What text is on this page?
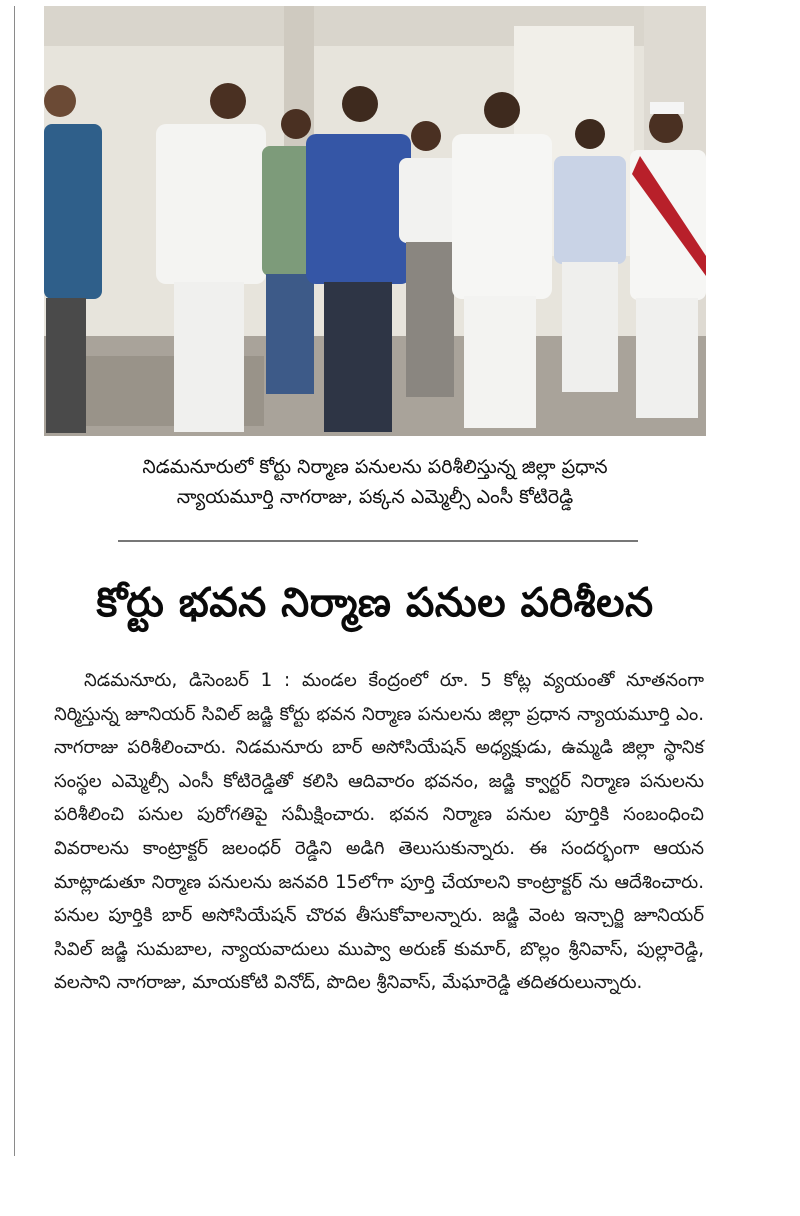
నిడమనూరులో కోర్టు నిర్మాణ పనులను పరిశీలిస్తున్న జిల్లా ప్రధాన
న్యాయమూర్తి నాగరాజు, పక్కన ఎమ్మెల్సీ ఎంసీ కోటిరెడ్డి
కోర్టు భవన నిర్మాణ పనుల పరిశీలన
నిడమనూరు, డిసెంబర్ 1 : మండల కేంద్రంలో రూ. 5 కోట్ల వ్యయంతో నూతనంగా నిర్మిస్తున్న జూనియర్ సివిల్ జడ్జి కోర్టు భవన నిర్మాణ పనులను జిల్లా ప్రధాన న్యాయమూర్తి ఎం. నాగరాజు పరిశీలించారు. నిడమనూరు బార్ అసోసియేషన్ అధ్యక్షుడు, ఉమ్మడి జిల్లా స్థానిక సంస్థల ఎమ్మెల్సీ ఎంసీ కోటిరెడ్డితో కలిసి ఆదివారం భవనం, జడ్జి క్వార్టర్ నిర్మాణ పనులను పరిశీలించి పనుల పురోగతిపై సమీక్షించారు. భవన నిర్మాణ పనుల పూర్తికి సంబంధించి వివరాలను కాంట్రాక్టర్ జలంధర్ రెడ్డిని అడిగి తెలుసుకున్నారు. ఈ సందర్భంగా ఆయన మాట్లాడుతూ నిర్మాణ పనులను జనవరి 15లోగా పూర్తి చేయాలని కాంట్రాక్టర్ ను ఆదేశించారు. పనుల పూర్తికి బార్ అసోసియేషన్ చొరవ తీసుకోవాలన్నారు. జడ్జి వెంట ఇన్చార్జి జూనియర్ సివిల్ జడ్జి సుమబాల, న్యాయవాదులు ముప్వా అరుణ్ కుమార్, బొల్లం శ్రీనివాస్, పుల్లారెడ్డి, వలసాని నాగరాజు, మాయకోటి వినోద్, పొదిల శ్రీనివాస్, మేఘారెడ్డి తదితరులున్నారు.
